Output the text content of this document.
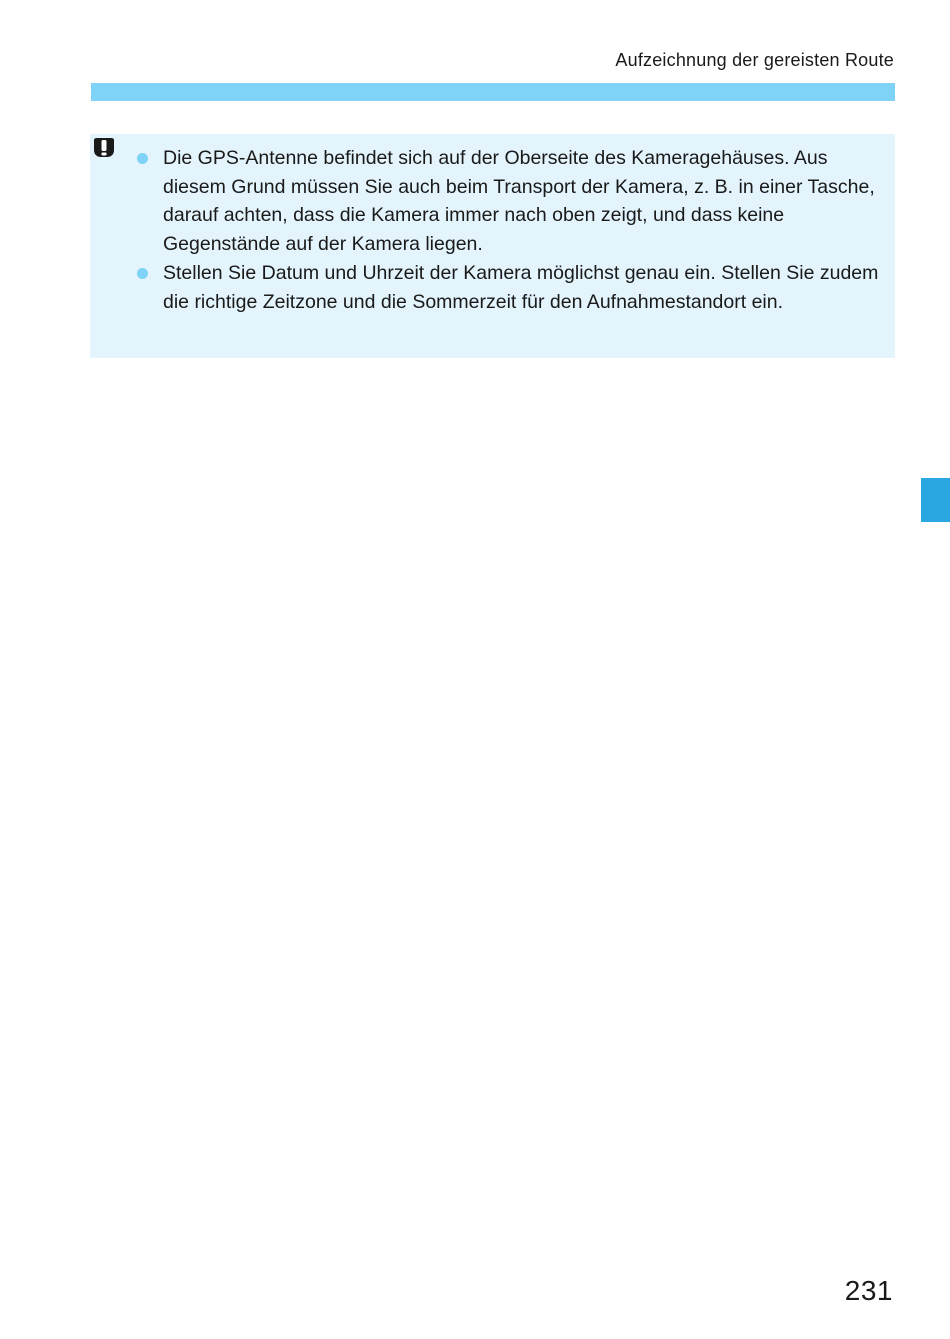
Aufzeichnung der gereisten Route
Die GPS-Antenne befindet sich auf der Oberseite des Kameragehäuses. Aus diesem Grund müssen Sie auch beim Transport der Kamera, z. B. in einer Tasche, darauf achten, dass die Kamera immer nach oben zeigt, und dass keine Gegenstände auf der Kamera liegen.
Stellen Sie Datum und Uhrzeit der Kamera möglichst genau ein. Stellen Sie zudem die richtige Zeitzone und die Sommerzeit für den Aufnahmestandort ein.
231
